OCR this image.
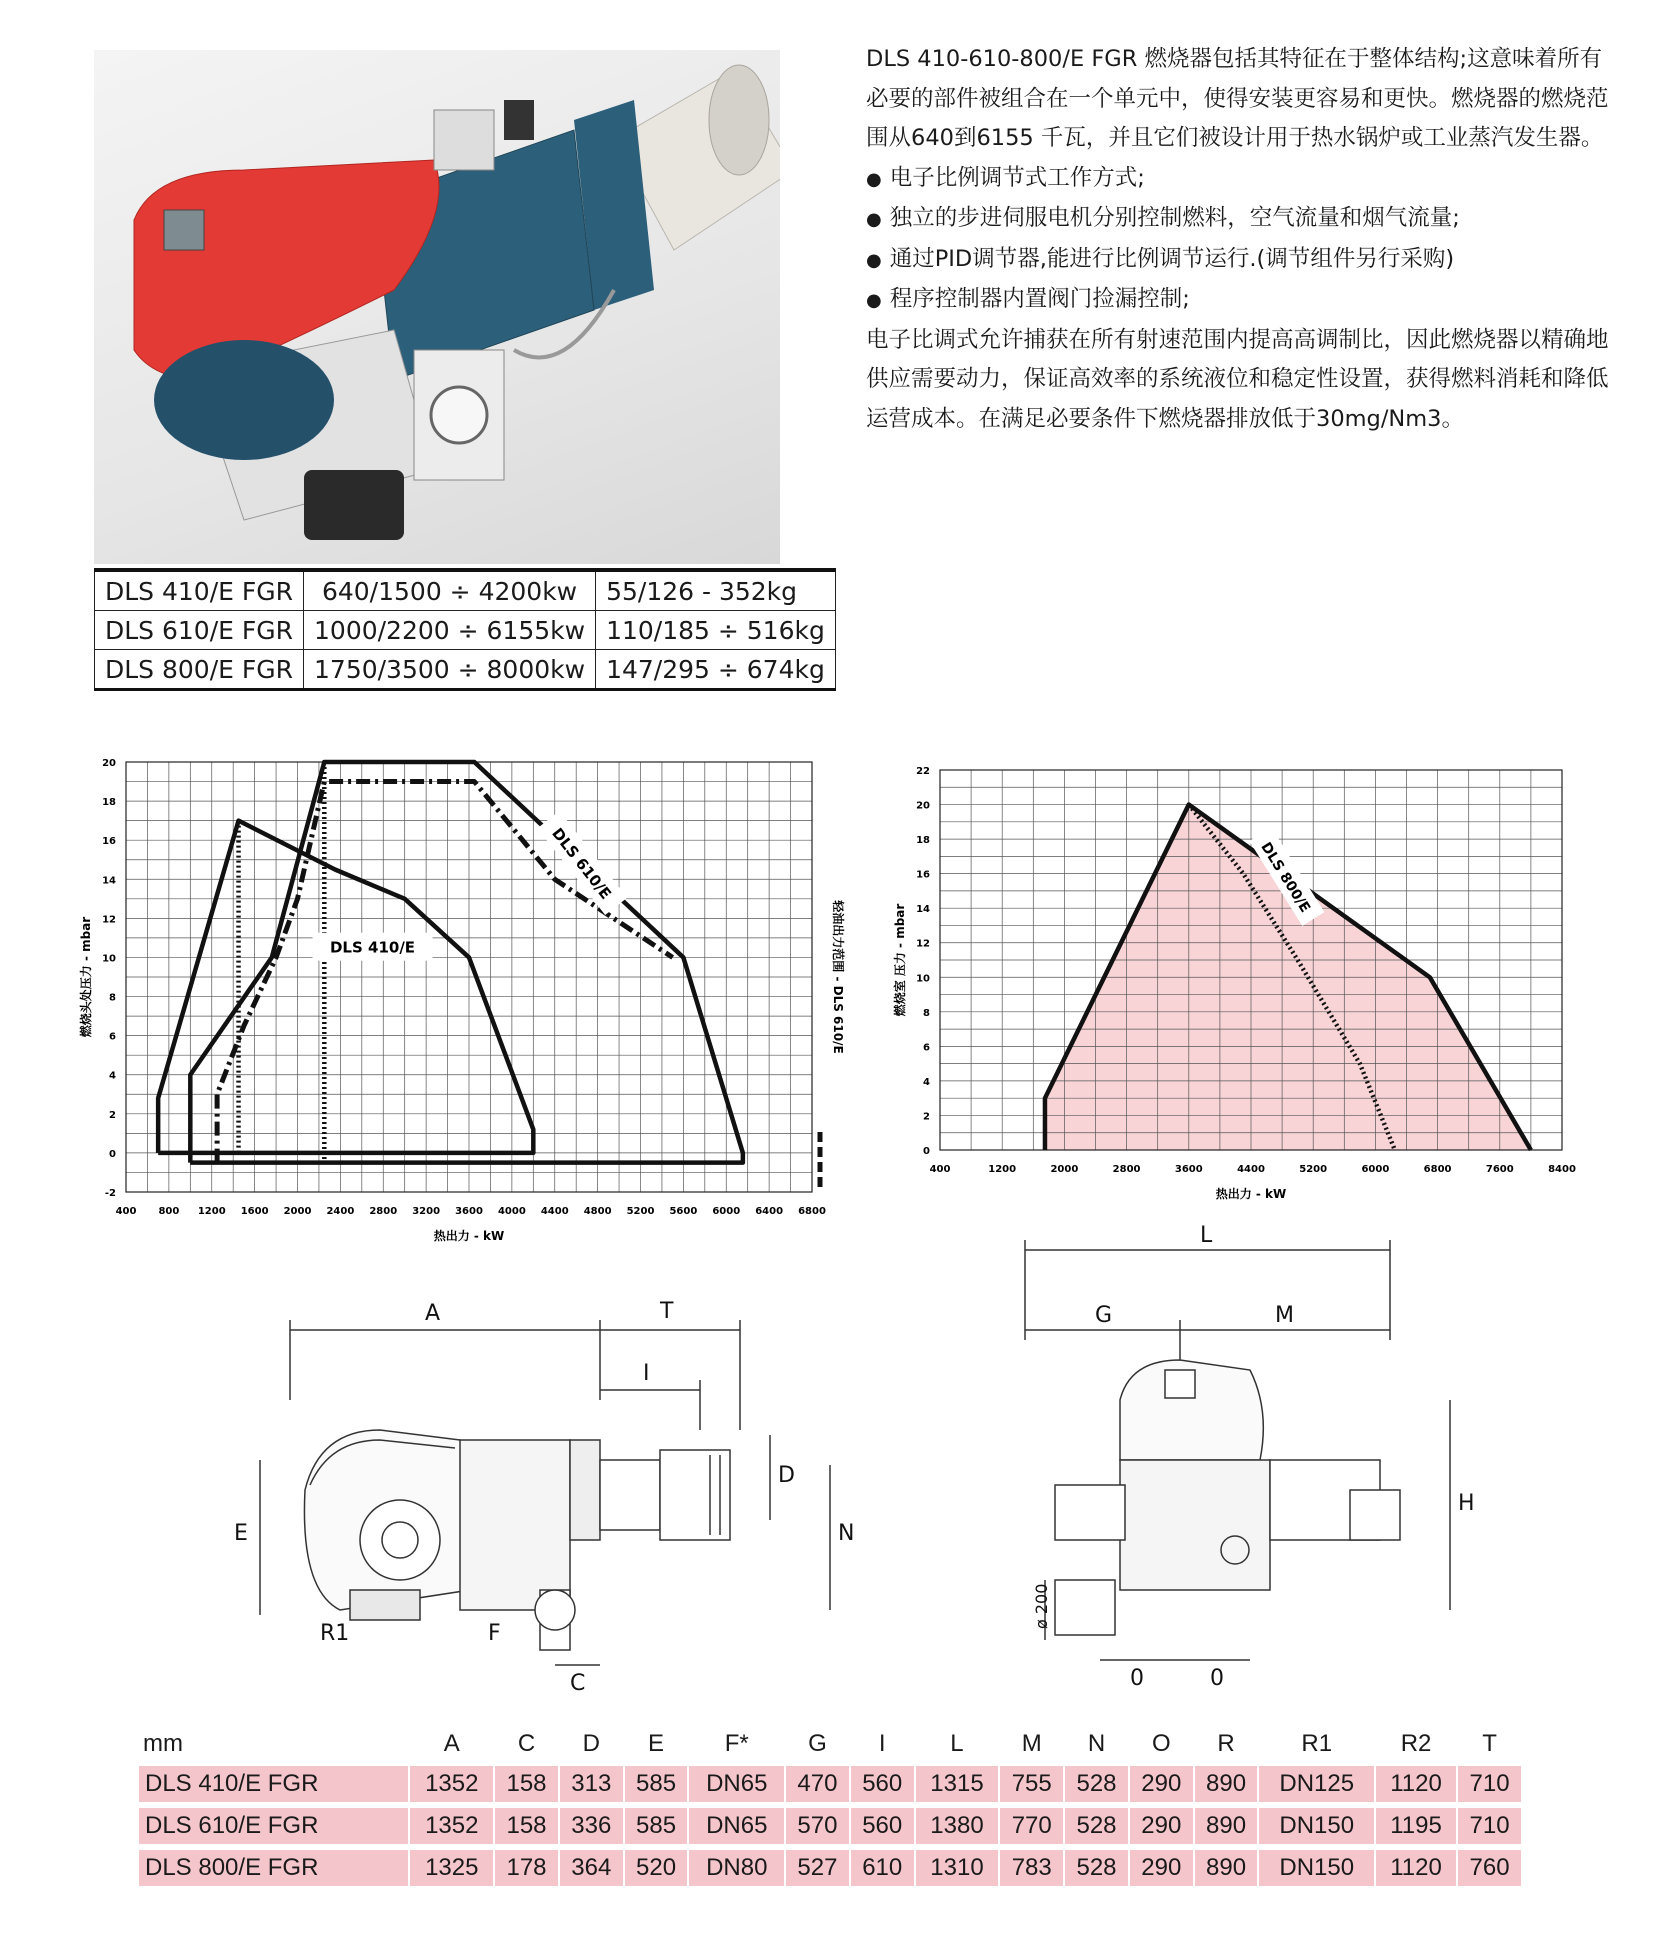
DLS 410/E FGR	640/1500 ÷ 4200kw	55/126 - 352kg
DLS 610/E FGR	1000/2200 ÷ 6155kw	110/185 ÷ 516kg
DLS 800/E FGR	1750/3500 ÷ 8000kw	147/295 ÷ 674kg

DLS 410-610-800/E FGR 燃烧器包括其特征在于整体结构;这意味着所有必要的部件被组合在一个单元中，使得安装更容易和更快。燃烧器的燃烧范围从640到6155 千瓦，并且它们被设计用于热水锅炉或工业蒸汽发生器。

● 电子比例调节式工作方式;

● 独立的步进伺服电机分别控制燃料，空气流量和烟气流量;

● 通过PID调节器,能进行比例调节运行.(调节组件另行采购)

● 程序控制器内置阀门捡漏控制;

电子比调式允许捕获在所有射速范围内提高高调制比，因此燃烧器以精确地供应需要动力，保证高效率的系统液位和稳定性设置，获得燃料消耗和降低运营成本。在满足必要条件下燃烧器排放低于30mg/Nm3。

400 800 1200 1600 2000 2400 2800 3200 3600 4000 4400 4800 5200 5600 6000 6400 6800
-2
0
2
4
6
8
10
12
14
16
18
20
热出力 - kW
燃烧头处压力 - mbar	轻油出力范围 - DLS 610/E
DLS 410/E
DLS 610/E
400	1200	2000	2800	3600	4400	5200	6000	6800	7600	8400
0
2
4
6
8
10
12
14
16
18
20
22
热出力 - kW
燃烧室 压力 - mbar
DLS 800/E
A	T
I
D
N
E
R1	F
C
L
G	M
H
ø 200
0	0
mm	A	C	D	E	F*	G	I	L	M	N	O	R	R1	R2	T
DLS 410/E FGR	1352	158	313	585	DN65	470	560	1315	755	528	290	890	DN125	1120	710
DLS 610/E FGR	1352	158	336	585	DN65	570	560	1380	770	528	290	890	DN150	1195	710
DLS 800/E FGR	1325	178	364	520	DN80	527	610	1310	783	528	290	890	DN150	1120	760
